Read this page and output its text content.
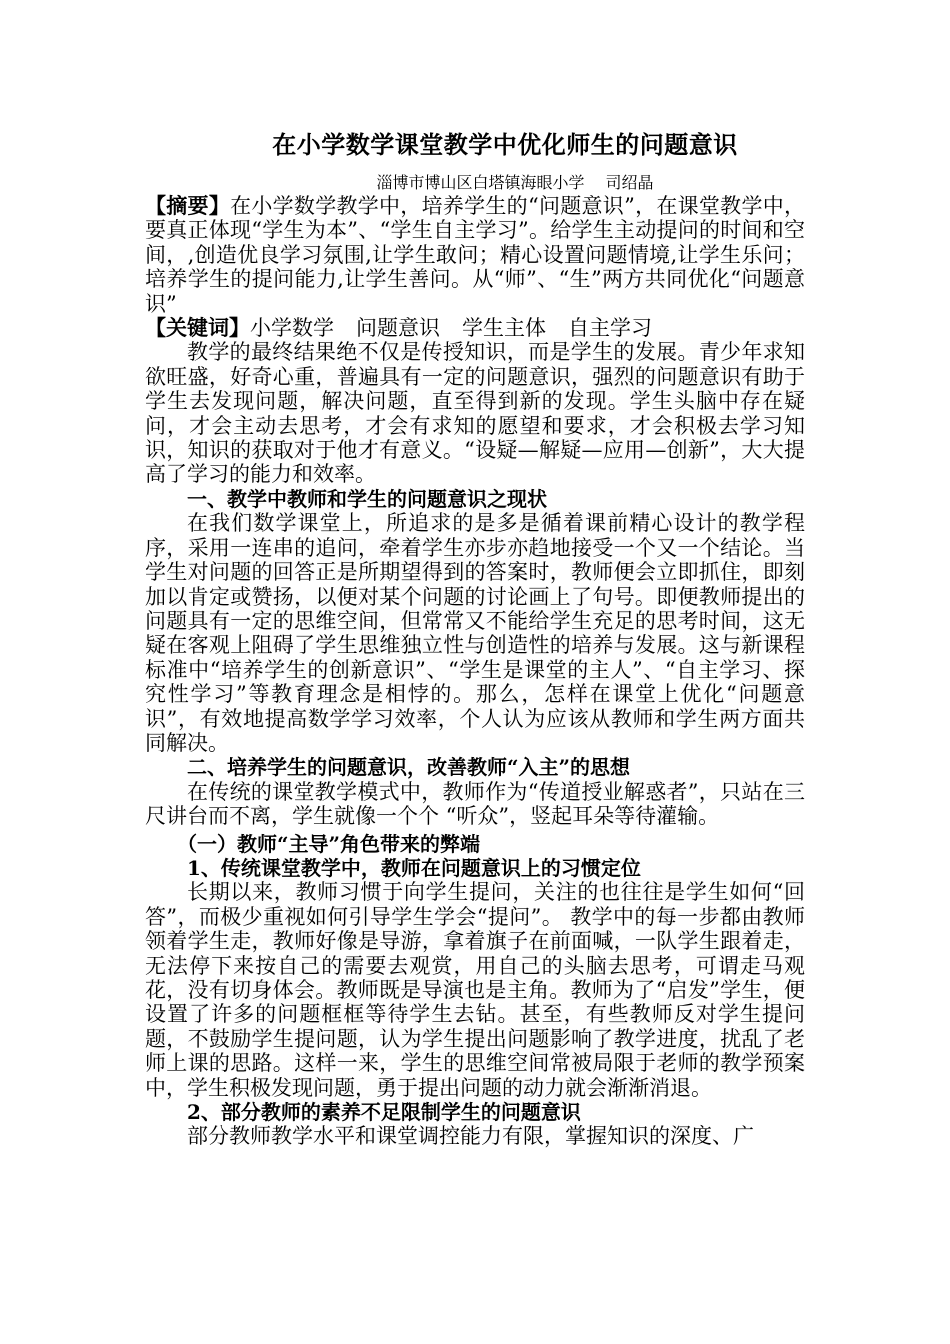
在小学数学课堂教学中优化师生的问题意识
淄博市博山区白塔镇海眼小学 司绍晶

【摘要】在小学数学教学中，培养学生的“问题意识”，在课堂教学中，要真正体现“学生为本”、“学生自主学习”。给学生主动提问的时间和空间，,创造优良学习氛围,让学生敢问；精心设置问题情境,让学生乐问；培养学生的提问能力,让学生善问。从“师”、“生”两方共同优化“问题意识”

【关键词】小学数学 问题意识 学生主体 自主学习

教学的最终结果绝不仅是传授知识，而是学生的发展。青少年求知欲旺盛，好奇心重，普遍具有一定的问题意识，强烈的问题意识有助于学生去发现问题，解决问题，直至得到新的发现。学生头脑中存在疑问，才会主动去思考，才会有求知的愿望和要求，才会积极去学习知识，知识的获取对于他才有意义。“设疑—解疑—应用—创新”，大大提高了学习的能力和效率。

一、教学中教师和学生的问题意识之现状

在我们数学课堂上，所追求的是多是循着课前精心设计的教学程序，采用一连串的追问，牵着学生亦步亦趋地接受一个又一个结论。当学生对问题的回答正是所期望得到的答案时，教师便会立即抓住，即刻加以肯定或赞扬，以便对某个问题的讨论画上了句号。即便教师提出的问题具有一定的思维空间，但常常又不能给学生充足的思考时间，这无疑在客观上阻碍了学生思维独立性与创造性的培养与发展。这与新课程标准中“培养学生的创新意识”、“学生是课堂的主人”、“自主学习、探究性学习”等教育理念是相悖的。那么，怎样在课堂上优化“问题意识”，有效地提高数学学习效率，个人认为应该从教师和学生两方面共同解决。

二、培养学生的问题意识，改善教师“入主”的思想

在传统的课堂教学模式中，教师作为“传道授业解惑者”，只站在三尺讲台而不离，学生就像一个个 “听众”，竖起耳朵等待灌输。

（一）教师“主导”角色带来的弊端

1、传统课堂教学中，教师在问题意识上的习惯定位

长期以来，教师习惯于向学生提问，关注的也往往是学生如何“回答”，而极少重视如何引导学生学会“提问”。 教学中的每一步都由教师领着学生走，教师好像是导游，拿着旗子在前面喊，一队学生跟着走，无法停下来按自己的需要去观赏，用自己的头脑去思考，可谓走马观花，没有切身体会。教师既是导演也是主角。教师为了“启发”学生，便设置了许多的问题框框等待学生去钻。甚至，有些教师反对学生提问题，不鼓励学生提问题，认为学生提出问题影响了教学进度，扰乱了老师上课的思路。这样一来，学生的思维空间常被局限于老师的教学预案中，学生积极发现问题，勇于提出问题的动力就会渐渐消退。

2、部分教师的素养不足限制学生的问题意识

部分教师教学水平和课堂调控能力有限，掌握知识的深度、广
